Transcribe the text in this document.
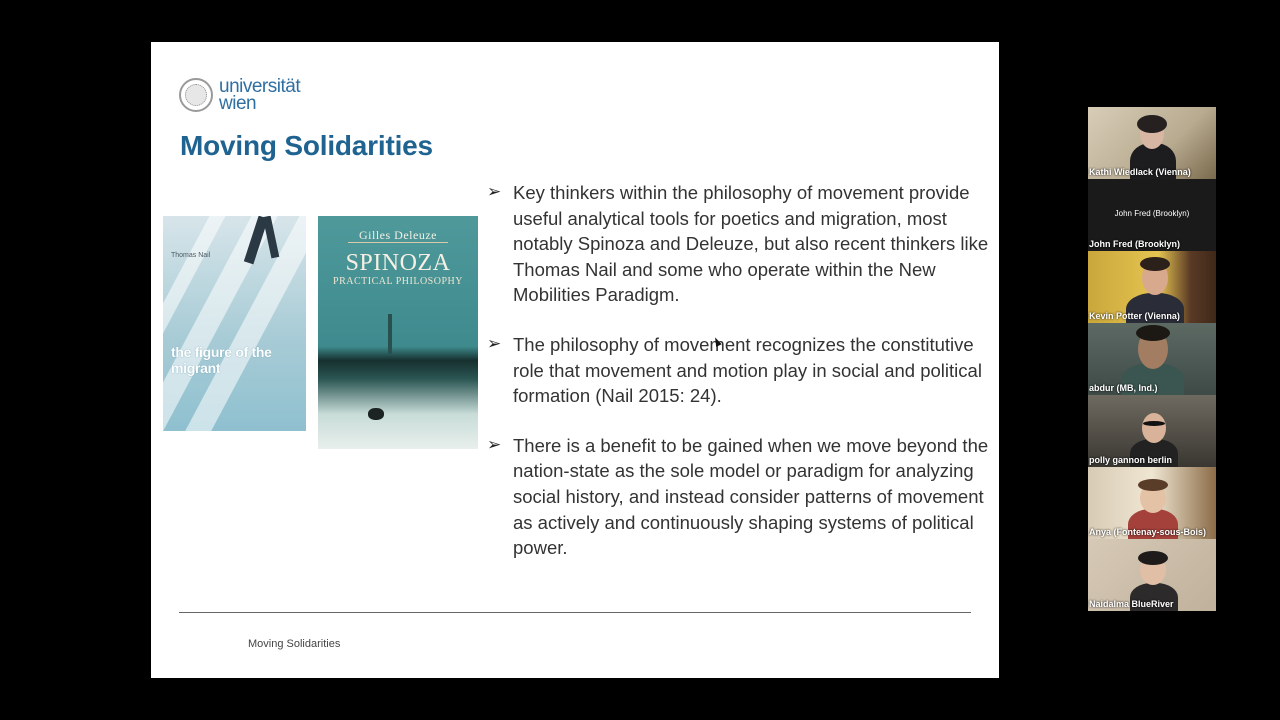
universität
wien
Moving Solidarities
Thomas Nail
the figure of the migrant
Gilles Deleuze
SPINOZA
PRACTICAL PHILOSOPHY
➢ Key thinkers within the philosophy of movement provide useful analytical tools for poetics and migration, most notably Spinoza and Deleuze, but also recent thinkers like Thomas Nail and some who operate within the New Mobilities Paradigm.
➢ The philosophy of movement recognizes the constitutive role that movement and motion play in social and political formation (Nail 2015: 24).
➢ There is a benefit to be gained when we move beyond the nation-state as the sole model or paradigm for analyzing social history, and instead consider patterns of movement as actively and continuously shaping systems of political power.
Moving Solidarities
Kathi Wiedlack (Vienna)
John Fred (Brooklyn)
John Fred (Brooklyn)
Kevin Potter (Vienna)
abdur (MB, Ind.)
polly gannon berlin
Anya (Fontenay-sous-Bois)
Naidalma BlueRiver
